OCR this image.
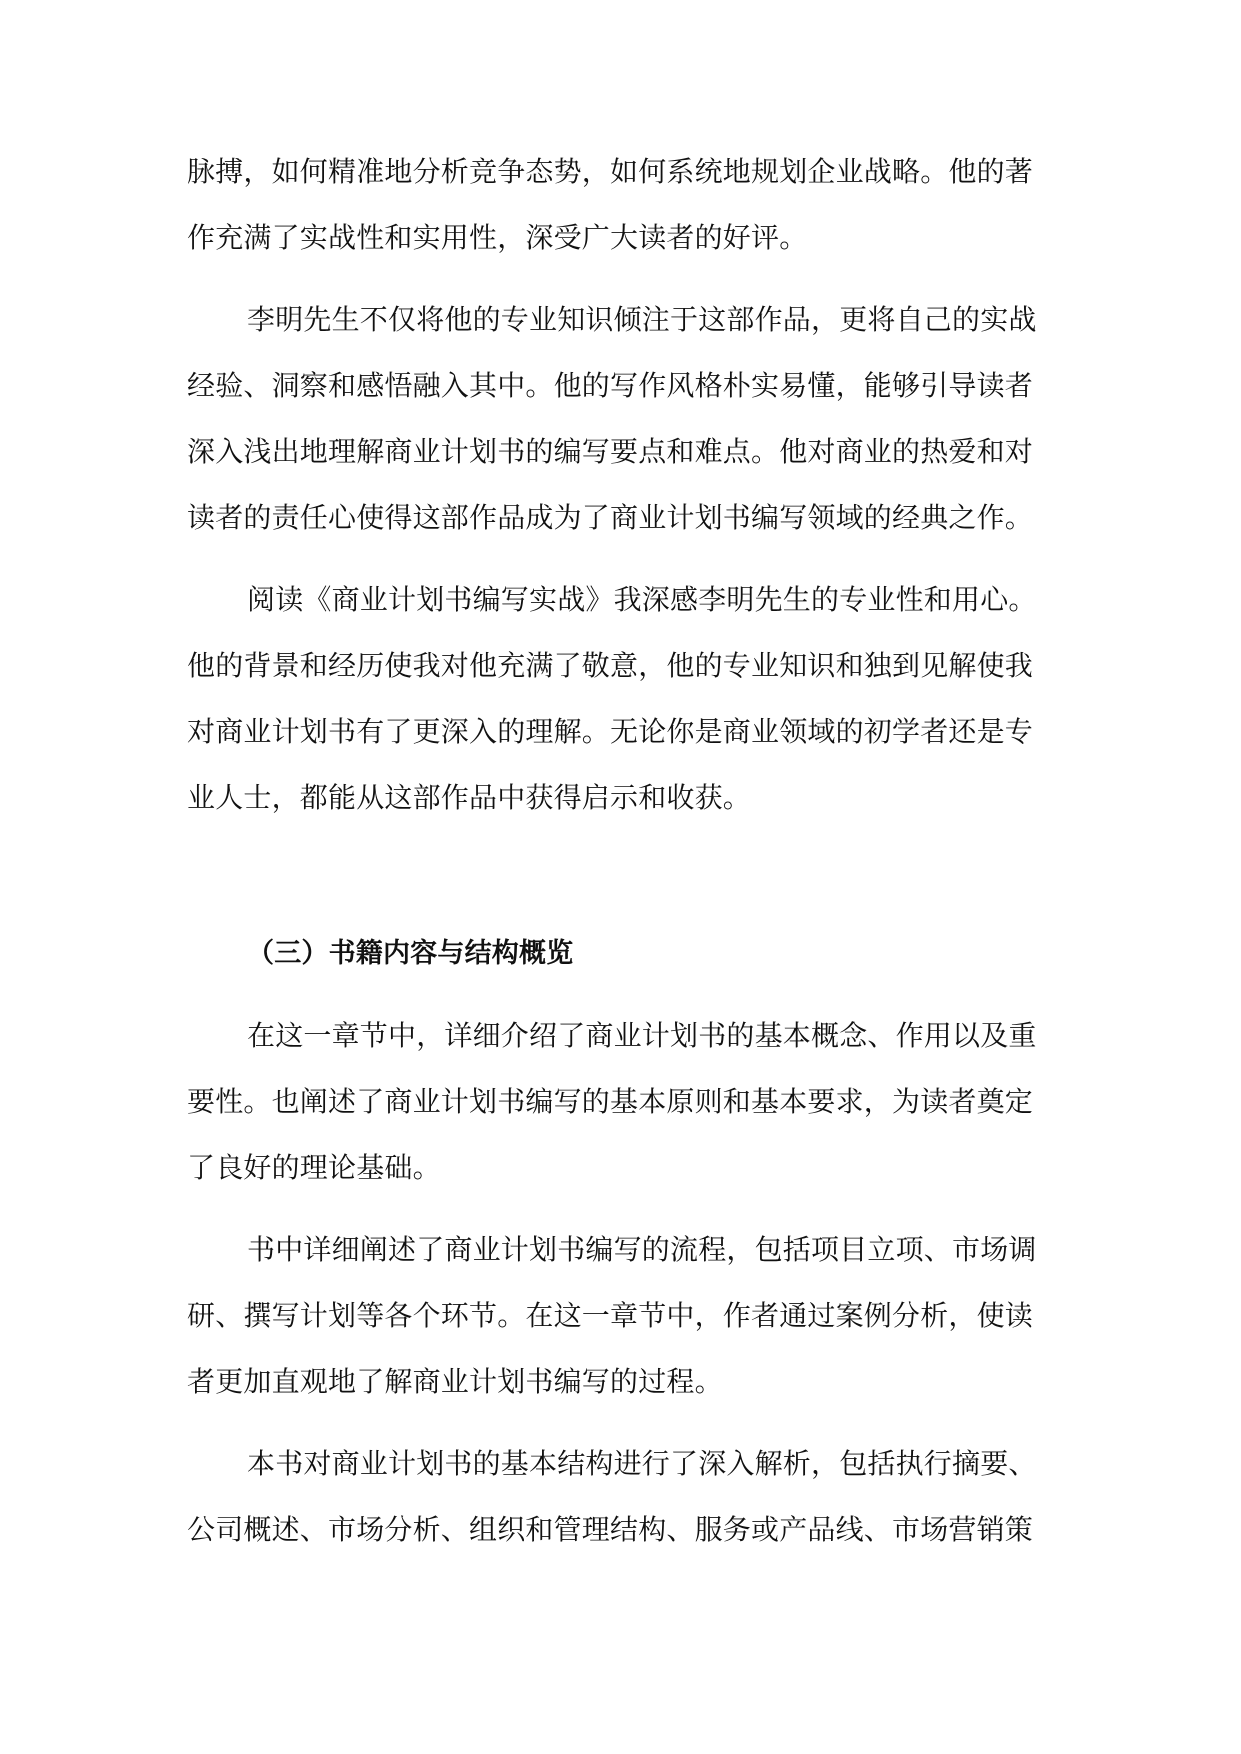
脉搏，如何精准地分析竞争态势，如何系统地规划企业战略。他的著
作充满了实战性和实用性，深受广大读者的好评。
李明先生不仅将他的专业知识倾注于这部作品，更将自己的实战
经验、洞察和感悟融入其中。他的写作风格朴实易懂，能够引导读者
深入浅出地理解商业计划书的编写要点和难点。他对商业的热爱和对
读者的责任心使得这部作品成为了商业计划书编写领域的经典之作。
阅读《商业计划书编写实战》我深感李明先生的专业性和用心。
他的背景和经历使我对他充满了敬意，他的专业知识和独到见解使我
对商业计划书有了更深入的理解。无论你是商业领域的初学者还是专
业人士，都能从这部作品中获得启示和收获。
（三）书籍内容与结构概览
在这一章节中，详细介绍了商业计划书的基本概念、作用以及重
要性。也阐述了商业计划书编写的基本原则和基本要求，为读者奠定
了良好的理论基础。
书中详细阐述了商业计划书编写的流程，包括项目立项、市场调
研、撰写计划等各个环节。在这一章节中，作者通过案例分析，使读
者更加直观地了解商业计划书编写的过程。
本书对商业计划书的基本结构进行了深入解析，包括执行摘要、
公司概述、市场分析、组织和管理结构、服务或产品线、市场营销策
